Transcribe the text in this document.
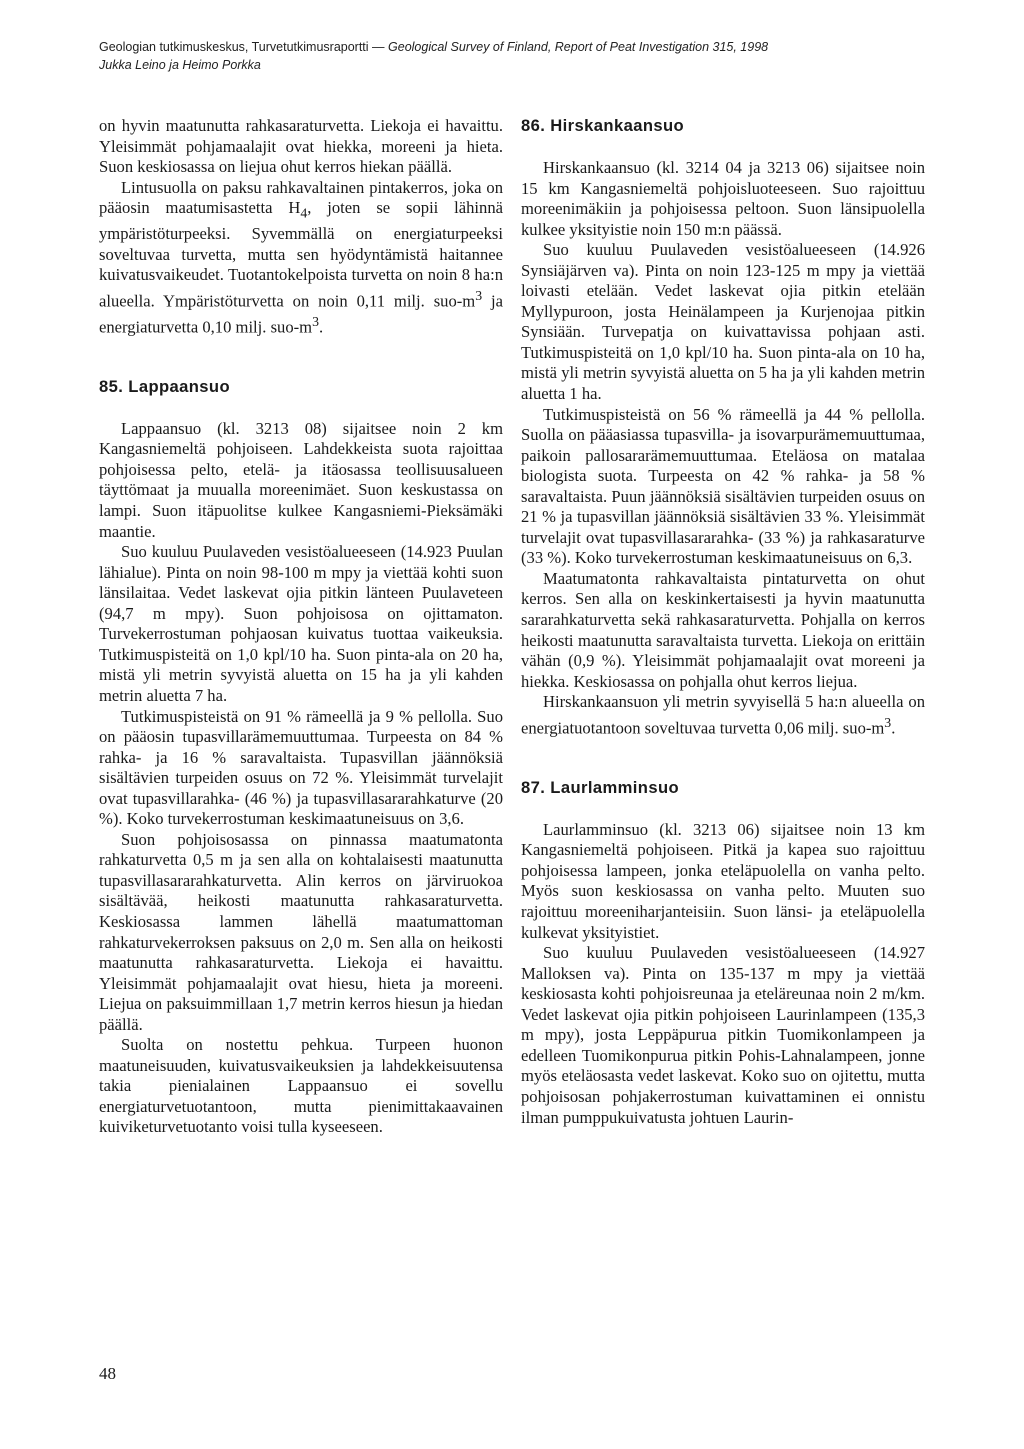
Geologian tutkimuskeskus, Turvetutkimusraportti — Geological Survey of Finland, Report of Peat Investigation 315, 1998
Jukka Leino ja Heimo Porkka

on hyvin maatunutta rahkasaraturvetta. Liekoja ei havaittu. Yleisimmät pohjamaalajit ovat hiekka, moreeni ja hieta. Suon keskiosassa on liejua ohut kerros hiekan päällä.

Lintusuolla on paksu rahkavaltainen pintakerros, joka on pääosin maatumisastetta $H_4$, joten se sopii lähinnä ympäristöturpeeksi. Syvemmällä on energiaturpeeksi soveltuvaa turvetta, mutta sen hyödyntämistä haitannee kuivatusvaikeudet. Tuotantokelpoista turvetta on noin 8 ha:n alueella. Ympäristöturvetta on noin 0,11 milj. suo-$m^3$ ja energiaturvetta 0,10 milj. suo-$m^3$.

85. Lappaansuo

Lappaansuo (kl. 3213 08) sijaitsee noin 2 km Kangasniemeltä pohjoiseen. Lahdekkeista suota rajoittaa pohjoisessa pelto, etelä- ja itäosassa teollisuusalueen täyttömaat ja muualla moreenimäet. Suon keskustassa on lampi. Suon itäpuolitse kulkee Kangasniemi-Pieksämäki maantie.

Suo kuuluu Puulaveden vesistöalueeseen (14.923 Puulan lähialue). Pinta on noin 98-100 m mpy ja viettää kohti suon länsilaitaa. Vedet laskevat ojia pitkin länteen Puulaveteen (94,7 m mpy). Suon pohjoisosa on ojittamaton. Turvekerrostuman pohjaosan kuivatus tuottaa vaikeuksia. Tutkimuspisteitä on 1,0 kpl/10 ha. Suon pinta-ala on 20 ha, mistä yli metrin syvyistä aluetta on 15 ha ja yli kahden metrin aluetta 7 ha.

Tutkimuspisteistä on 91 % rämeellä ja 9 % pellolla. Suo on pääosin tupasvillarämemuuttumaa. Turpeesta on 84 % rahka- ja 16 % saravaltaista. Tupasvillan jäännöksiä sisältävien turpeiden osuus on 72 %. Yleisimmät turvelajit ovat tupasvillarahka- (46 %) ja tupasvillasararahkaturve (20 %). Koko turvekerrostuman keskimaatuneisuus on 3,6.

Suon pohjoisosassa on pinnassa maatumatonta rahkaturvetta 0,5 m ja sen alla on kohtalaisesti maatunutta tupasvillasararahkaturvetta. Alin kerros on järviruokoa sisältävää, heikosti maatunutta rahkasaraturvetta. Keskiosassa lammen lähellä maatumattoman rahkaturvekerroksen paksuus on 2,0 m. Sen alla on heikosti maatunutta rahkasaraturvetta. Liekoja ei havaittu. Yleisimmät pohjamaalajit ovat hiesu, hieta ja moreeni. Liejua on paksuimmillaan 1,7 metrin kerros hiesun ja hiedan päällä.

Suolta on nostettu pehkua. Turpeen huonon maatuneisuuden, kuivatusvaikeuksien ja lahdekkeisuutensa takia pienialainen Lappaansuo ei sovellu energiaturvetuotantoon, mutta pienimittakaavainen kuiviketurvetuotanto voisi tulla kyseeseen.

86. Hirskankaansuo

Hirskankaansuo (kl. 3214 04 ja 3213 06) sijaitsee noin 15 km Kangasniemeltä pohjoisluoteeseen. Suo rajoittuu moreenimäkiin ja pohjoisessa peltoon. Suon länsipuolella kulkee yksityistie noin 150 m:n päässä.

Suo kuuluu Puulaveden vesistöalueeseen (14.926 Synsiäjärven va). Pinta on noin 123-125 m mpy ja viettää loivasti etelään. Vedet laskevat ojia pitkin etelään Myllypuroon, josta Heinälampeen ja Kurjenojaa pitkin Synsiään. Turvepatja on kuivattavissa pohjaan asti. Tutkimuspisteitä on 1,0 kpl/10 ha. Suon pinta-ala on 10 ha, mistä yli metrin syvyistä aluetta on 5 ha ja yli kahden metrin aluetta 1 ha.

Tutkimuspisteistä on 56 % rämeellä ja 44 % pellolla. Suolla on pääasiassa tupasvilla- ja isovarpurämemuuttumaa, paikoin pallosararämemuuttumaa. Eteläosa on matalaa biologista suota. Turpeesta on 42 % rahka- ja 58 % saravaltaista. Puun jäännöksiä sisältävien turpeiden osuus on 21 % ja tupasvillan jäännöksiä sisältävien 33 %. Yleisimmät turvelajit ovat tupasvillasararahka- (33 %) ja rahkasaraturve (33 %). Koko turvekerrostuman keskimaatuneisuus on 6,3.

Maatumatonta rahkavaltaista pintaturvetta on ohut kerros. Sen alla on keskinkertaisesti ja hyvin maatunutta sararahkaturvetta sekä rahkasaraturvetta. Pohjalla on kerros heikosti maatunutta saravaltaista turvetta. Liekoja on erittäin vähän (0,9 %). Yleisimmät pohjamaalajit ovat moreeni ja hiekka. Keskiosassa on pohjalla ohut kerros liejua.

Hirskankaansuon yli metrin syvyisellä 5 ha:n alueella on energiatuotantoon soveltuvaa turvetta 0,06 milj. suo-$m^3$.

87. Laurlamminsuo

Laurlamminsuo (kl. 3213 06) sijaitsee noin 13 km Kangasniemeltä pohjoiseen. Pitkä ja kapea suo rajoittuu pohjoisessa lampeen, jonka eteläpuolella on vanha pelto. Myös suon keskiosassa on vanha pelto. Muuten suo rajoittuu moreeniharjanteisiin. Suon länsi- ja eteläpuolella kulkevat yksityistiet.

Suo kuuluu Puulaveden vesistöalueeseen (14.927 Malloksen va). Pinta on 135-137 m mpy ja viettää keskiosasta kohti pohjoisreunaa ja eteläreunaa noin 2 m/km. Vedet laskevat ojia pitkin pohjoiseen Laurinlampeen (135,3 m mpy), josta Leppäpurua pitkin Tuomikonlampeen ja edelleen Tuomikonpurua pitkin Pohis-Lahnalampeen, jonne myös eteläosasta vedet laskevat. Koko suo on ojitettu, mutta pohjoisosan pohjakerrostuman kuivattaminen ei onnistu ilman pumppukuivatusta johtuen Laurin-

48
